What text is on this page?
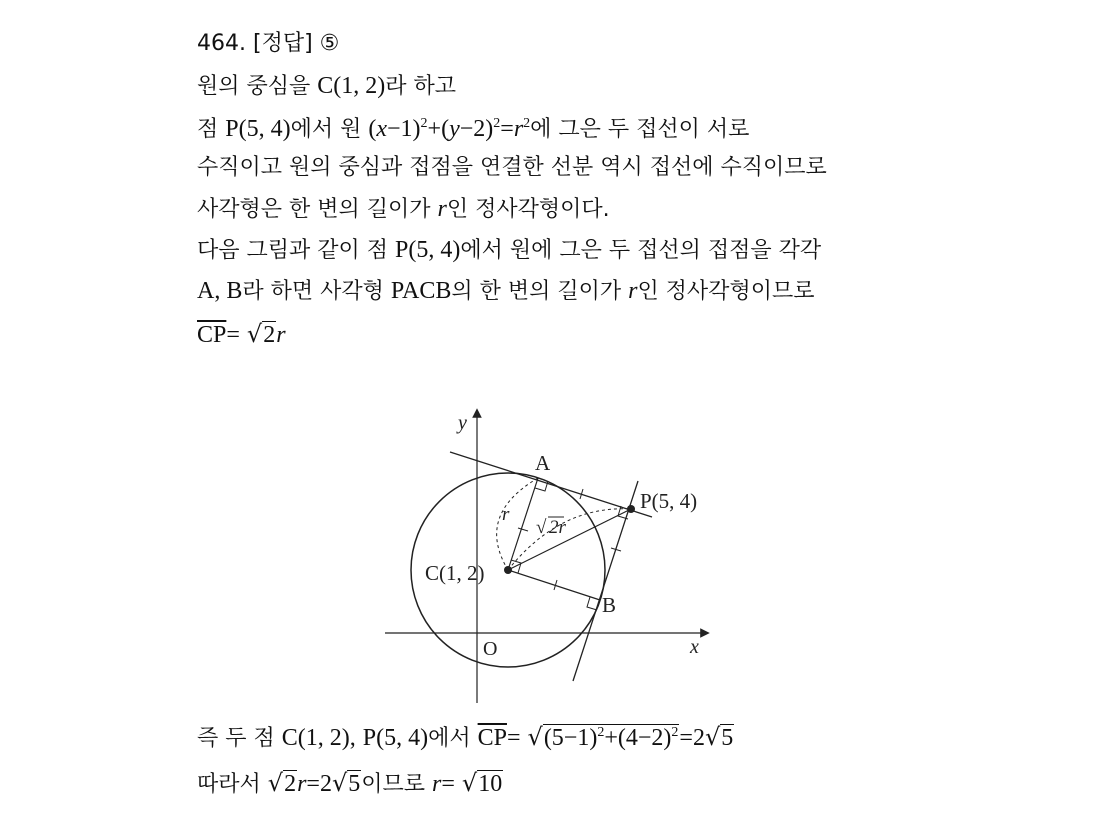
464. [정답] ⑤
원의 중심을 C(1, 2)라 하고
점 P(5, 4)에서 원 $(x-1)^2+(y-2)^2=r^2$에 그은 두 접선이 서로
수직이고 원의 중심과 접점을 연결한 선분 역시 접선에 수직이므로
사각형은 한 변의 길이가 r인 정사각형이다.
다음 그림과 같이 점 P(5, 4)에서 원에 그은 두 접선의 접점을 각각
A, B라 하면 사각형 PACB의 한 변의 길이가 r인 정사각형이므로
$\overline{CP}= √2r$
y
x
O
A
B
C(1, 2)
P(5, 4)
r
√ 2r
즉 두 점 C(1, 2), P(5, 4)에서 $\overline{CP}= √(5-1)^2+(4-2)^2=2√5$
따라서 √2r=2√5이므로 r= √10
